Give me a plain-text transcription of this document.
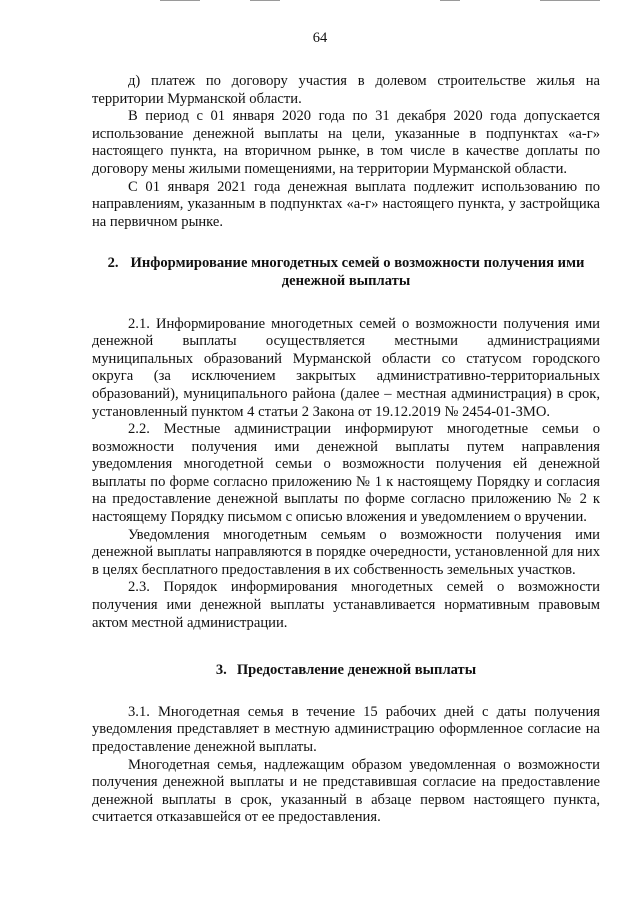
64

д) платеж по договору участия в долевом строительстве жилья на территории Мурманской области.

В период с 01 января 2020 года по 31 декабря 2020 года допускается использование денежной выплаты на цели, указанные в подпунктах «а-г» настоящего пункта, на вторичном рынке, в том числе в качестве доплаты по договору мены жилыми помещениями, на территории Мурманской области.

С 01 января 2021 года денежная выплата подлежит использованию по направлениям, указанным в подпунктах «а-г» настоящего пункта, у застройщика на первичном рынке.

2. Информирование многодетных семей о возможности получения ими денежной выплаты

2.1. Информирование многодетных семей о возможности получения ими денежной выплаты осуществляется местными администрациями муниципальных образований Мурманской области со статусом городского округа (за исключением закрытых административно-территориальных образований), муниципального района (далее – местная администрация) в срок, установленный пунктом 4 статьи 2 Закона от 19.12.2019 № 2454-01-ЗМО.

2.2. Местные администрации информируют многодетные семьи о возможности получения ими денежной выплаты путем направления уведомления многодетной семьи о возможности получения ей денежной выплаты по форме согласно приложению № 1 к настоящему Порядку и согласия на предоставление денежной выплаты по форме согласно приложению № 2 к настоящему Порядку письмом с описью вложения и уведомлением о вручении.

Уведомления многодетным семьям о возможности получения ими денежной выплаты направляются в порядке очередности, установленной для них в целях бесплатного предоставления в их собственность земельных участков.

2.3. Порядок информирования многодетных семей о возможности получения ими денежной выплаты устанавливается нормативным правовым актом местной администрации.

3. Предоставление денежной выплаты

3.1. Многодетная семья в течение 15 рабочих дней с даты получения уведомления представляет в местную администрацию оформленное согласие на предоставление денежной выплаты.

Многодетная семья, надлежащим образом уведомленная о возможности получения денежной выплаты и не представившая согласие на предоставление денежной выплаты в срок, указанный в абзаце первом настоящего пункта, считается отказавшейся от ее предоставления.
